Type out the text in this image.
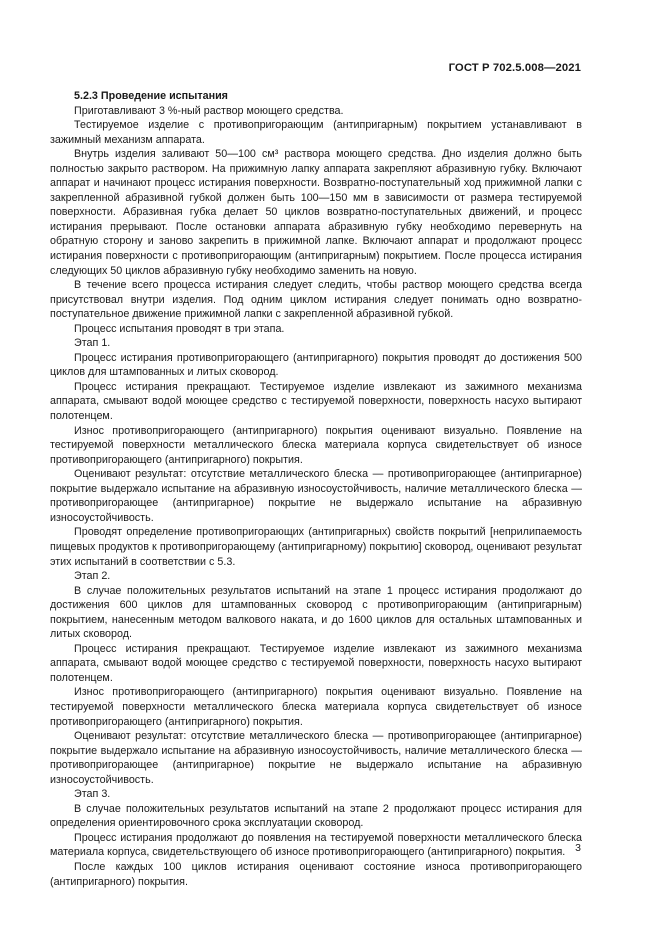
ГОСТ Р 702.5.008—2021

5.2.3 Проведение испытания

Приготавливают 3 %-ный раствор моющего средства.

Тестируемое изделие с противопригорающим (антипригарным) покрытием устанавливают в зажимный механизм аппарата.

Внутрь изделия заливают 50—100 см³ раствора моющего средства. Дно изделия должно быть полностью закрыто раствором. На прижимную лапку аппарата закрепляют абразивную губку. Включают аппарат и начинают процесс истирания поверхности. Возвратно-поступательный ход прижимной лапки с закрепленной абразивной губкой должен быть 100—150 мм в зависимости от размера тестируемой поверхности. Абразивная губка делает 50 циклов возвратно-поступательных движений, и процесс истирания прерывают. После остановки аппарата абразивную губку необходимо перевернуть на обратную сторону и заново закрепить в прижимной лапке. Включают аппарат и продолжают процесс истирания поверхности с противопригорающим (антипригарным) покрытием. После процесса истирания следующих 50 циклов абразивную губку необходимо заменить на новую.

В течение всего процесса истирания следует следить, чтобы раствор моющего средства всегда присутствовал внутри изделия. Под одним циклом истирания следует понимать одно возвратно-поступательное движение прижимной лапки с закрепленной абразивной губкой.

Процесс испытания проводят в три этапа.

Этап 1.

Процесс истирания противопригорающего (антипригарного) покрытия проводят до достижения 500 циклов для штампованных и литых сковород.

Процесс истирания прекращают. Тестируемое изделие извлекают из зажимного механизма аппарата, смывают водой моющее средство с тестируемой поверхности, поверхность насухо вытирают полотенцем.

Износ противопригорающего (антипригарного) покрытия оценивают визуально. Появление на тестируемой поверхности металлического блеска материала корпуса свидетельствует об износе противопригорающего (антипригарного) покрытия.

Оценивают результат: отсутствие металлического блеска — противопригорающее (антипригарное) покрытие выдержало испытание на абразивную износоустойчивость, наличие металлического блеска — противопригорающее (антипригарное) покрытие не выдержало испытание на абразивную износоустойчивость.

Проводят определение противопригорающих (антипригарных) свойств покрытий [неприлипаемость пищевых продуктов к противопригорающему (антипригарному) покрытию] сковород, оценивают результат этих испытаний в соответствии с 5.3.

Этап 2.

В случае положительных результатов испытаний на этапе 1 процесс истирания продолжают до достижения 600 циклов для штампованных сковород с противопригорающим (антипригарным) покрытием, нанесенным методом валкового наката, и до 1600 циклов для остальных штампованных и литых сковород.

Процесс истирания прекращают. Тестируемое изделие извлекают из зажимного механизма аппарата, смывают водой моющее средство с тестируемой поверхности, поверхность насухо вытирают полотенцем.

Износ противопригорающего (антипригарного) покрытия оценивают визуально. Появление на тестируемой поверхности металлического блеска материала корпуса свидетельствует об износе противопригорающего (антипригарного) покрытия.

Оценивают результат: отсутствие металлического блеска — противопригорающее (антипригарное) покрытие выдержало испытание на абразивную износоустойчивость, наличие металлического блеска — противопригорающее (антипригарное) покрытие не выдержало испытание на абразивную износоустойчивость.

Этап 3.

В случае положительных результатов испытаний на этапе 2 продолжают процесс истирания для определения ориентировочного срока эксплуатации сковород.

Процесс истирания продолжают до появления на тестируемой поверхности металлического блеска материала корпуса, свидетельствующего об износе противопригорающего (антипригарного) покрытия.

После каждых 100 циклов истирания оценивают состояние износа противопригорающего (антипригарного) покрытия.

3
